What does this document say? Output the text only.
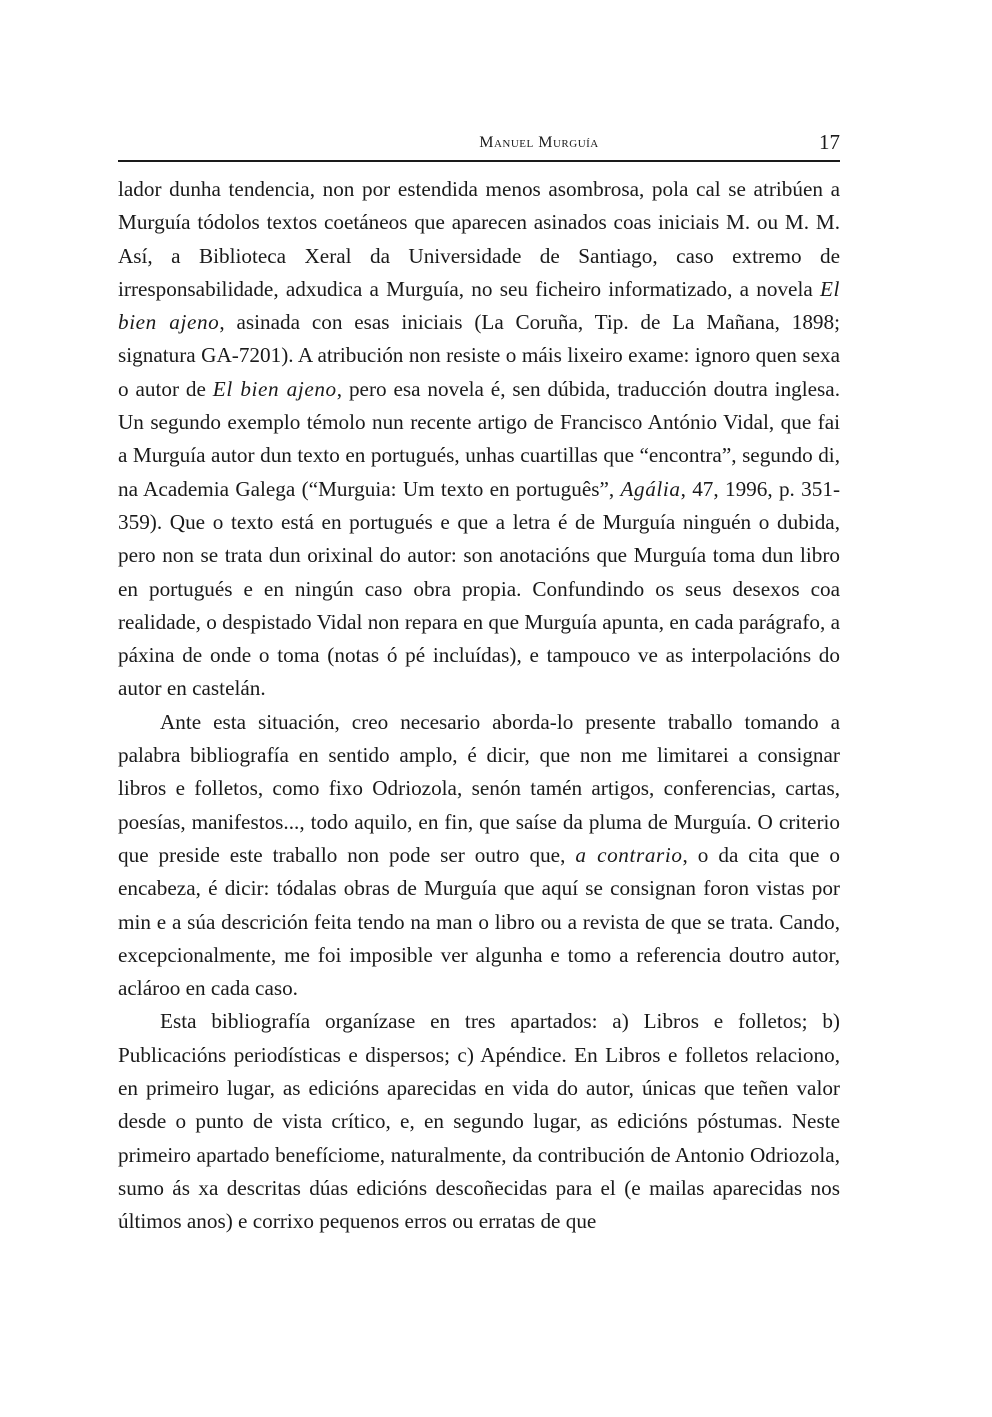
Manuel Murguía	17

lador dunha tendencia, non por estendida menos asombrosa, pola cal se atribúen a Murguía tódolos textos coetáneos que aparecen asinados coas iniciais M. ou M. M. Así, a Biblioteca Xeral da Universidade de Santiago, caso extremo de irresponsabilidade, adxudica a Murguía, no seu ficheiro informatizado, a novela El bien ajeno, asinada con esas iniciais (La Coruña, Tip. de La Mañana, 1898; signatura GA-7201). A atribución non resiste o máis lixeiro exame: ignoro quen sexa o autor de El bien ajeno, pero esa novela é, sen dúbida, traducción doutra inglesa. Un segundo exemplo témolo nun recente artigo de Francisco António Vidal, que fai a Murguía autor dun texto en portugués, unhas cuartillas que “encontra”, segundo di, na Academia Galega (“Murguia: Um texto en português”, Agália, 47, 1996, p. 351-359). Que o texto está en portugués e que a letra é de Murguía ninguén o dubida, pero non se trata dun orixinal do autor: son anotacións que Murguía toma dun libro en portugués e en ningún caso obra propia. Confundindo os seus desexos coa realidade, o despistado Vidal non repara en que Murguía apunta, en cada parágrafo, a páxina de onde o toma (notas ó pé incluídas), e tampouco ve as interpolacións do autor en castelán.

Ante esta situación, creo necesario aborda-lo presente traballo tomando a palabra bibliografía en sentido amplo, é dicir, que non me limitarei a consignar libros e folletos, como fixo Odriozola, senón tamén artigos, conferencias, cartas, poesías, manifestos..., todo aquilo, en fin, que saíse da pluma de Murguía. O criterio que preside este traballo non pode ser outro que, a contrario, o da cita que o encabeza, é dicir: tódalas obras de Murguía que aquí se consignan foron vistas por min e a súa descrición feita tendo na man o libro ou a revista de que se trata. Cando, excepcionalmente, me foi imposible ver algunha e tomo a referencia doutro autor, aclároo en cada caso.

Esta bibliografía organízase en tres apartados: a) Libros e folletos; b) Publicacións periodísticas e dispersos; c) Apéndice. En Libros e folletos relaciono, en primeiro lugar, as edicións aparecidas en vida do autor, únicas que teñen valor desde o punto de vista crítico, e, en segundo lugar, as edicións póstumas. Neste primeiro apartado benefíciome, naturalmente, da contribución de Antonio Odriozola, sumo ás xa descritas dúas edicións descoñecidas para el (e mailas aparecidas nos últimos anos) e corrixo pequenos erros ou erratas de que
